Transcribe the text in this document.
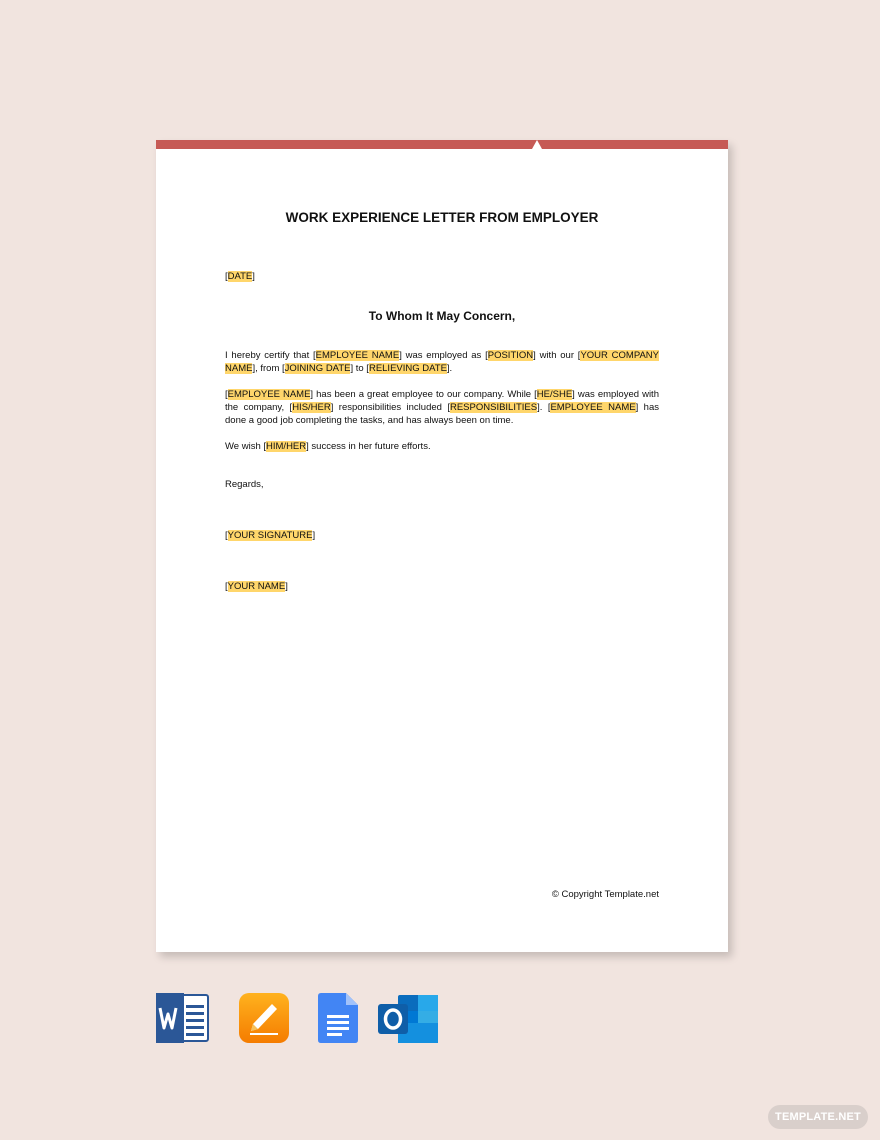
WORK EXPERIENCE LETTER FROM EMPLOYER
[DATE]
To Whom It May Concern,
I hereby certify that [EMPLOYEE NAME] was employed as [POSITION] with our [YOUR COMPANY NAME], from [JOINING DATE] to [RELIEVING DATE].
[EMPLOYEE NAME] has been a great employee to our company. While [HE/SHE] was employed with the company, [HIS/HER] responsibilities included [RESPONSIBILITIES]. [EMPLOYEE NAME] has done a good job completing the tasks, and has always been on time.
We wish [HIM/HER] success in her future efforts.
Regards,
[YOUR SIGNATURE]
[YOUR NAME]
© Copyright Template.net
TEMPLATE.NET
